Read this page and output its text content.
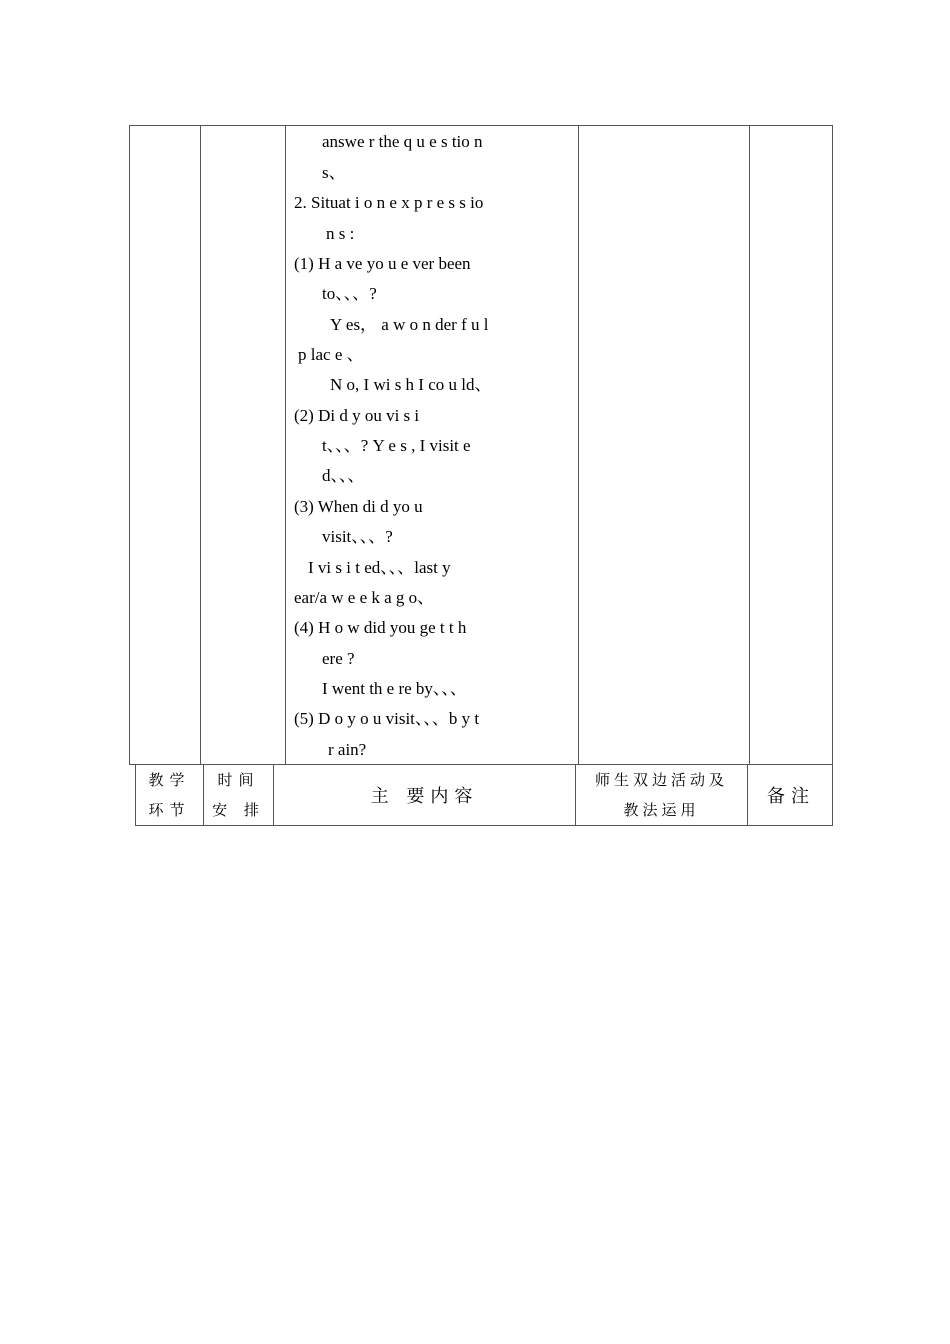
answe r the q u e s tio n
s、
2. Situat i o n e x p r e s s io
n s :
(1) H a ve yo u e ver been
to、、、?
Y es， a w o n der f u l
p lac e 、
N o, I wi s h I co u ld、
(2) Di d y ou vi s i
t、、、? Y e s , I visit e
d、、、
(3) When di d yo u
visit、、、?
I vi s i t ed、、、last y
ear/a w e e k a g o、
(4) H o w did you ge t t h
ere ?
I went th e re by、、、
(5) D o y o u visit、、、b y t
r ain?
教学
环节
时间
安 排
主 要内容
师生双边活动及
教法运用
备注
